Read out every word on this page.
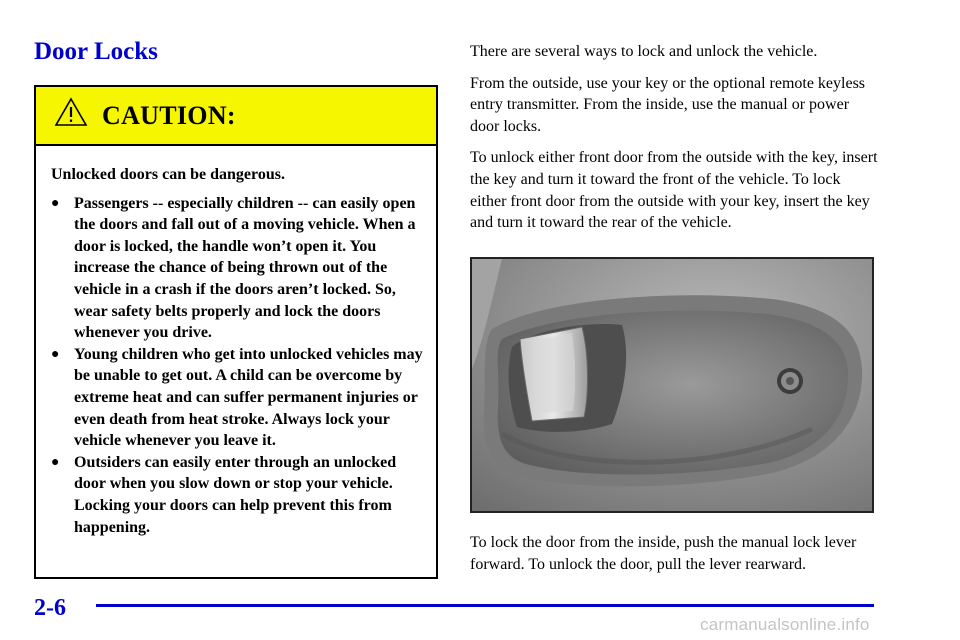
Door Locks
CAUTION:

Unlocked doors can be dangerous.

● Passengers -- especially children -- can easily open the doors and fall out of a moving vehicle. When a door is locked, the handle won’t open it. You increase the chance of being thrown out of the vehicle in a crash if the doors aren’t locked. So, wear safety belts properly and lock the doors whenever you drive.
● Young children who get into unlocked vehicles may be unable to get out. A child can be overcome by extreme heat and can suffer permanent injuries or even death from heat stroke. Always lock your vehicle whenever you leave it.
● Outsiders can easily enter through an unlocked door when you slow down or stop your vehicle. Locking your doors can help prevent this from happening.

There are several ways to lock and unlock the vehicle.

From the outside, use your key or the optional remote keyless entry transmitter. From the inside, use the manual or power door locks.

To unlock either front door from the outside with the key, insert the key and turn it toward the front of the vehicle. To lock either front door from the outside with your key, insert the key and turn it toward the rear of the vehicle.

To lock the door from the inside, push the manual lock lever forward. To unlock the door, pull the lever rearward.

2-6
carmanualsonline.info
